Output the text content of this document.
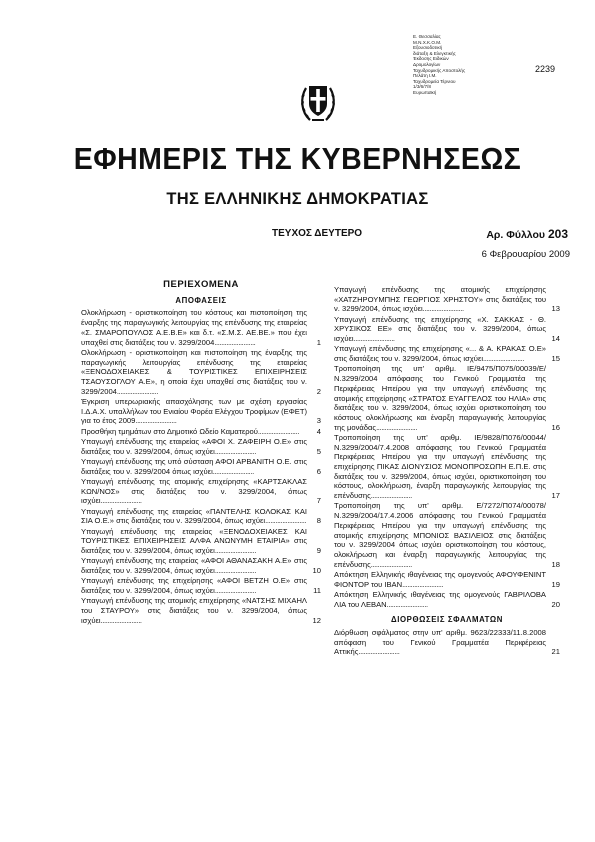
Ε. Θεσσαλίας
Μ.Ν.Χ.Κ.Ο.Μ.
Εξουσιοδοτική
διάταξη & Ελεγκτικής
Έκδοσης Ειδικών
Δρομολογίων
Ταχυδρομικής Αποστολής
Πελάτη Ι.Μ.
Ταχυδρομεία Τέρνιου 1/3/6/7/8
Ευρωπαϊκή
2239
ΕΦΗΜΕΡΙΣ ΤΗΣ ΚΥΒΕΡΝΗΣΕΩΣ
ΤΗΣ ΕΛΛΗΝΙΚΗΣ ΔΗΜΟΚΡΑΤΙΑΣ
ΤΕΥΧΟΣ ΔΕΥΤΕΡΟ	Αρ. Φύλλου 203
6 Φεβρουαρίου 2009
ΠΕΡΙΕΧΟΜΕΝΑ
ΑΠΟΦΑΣΕΙΣ
Ολοκλήρωση - οριστικοποίηση του κόστους και πιστοποίηση της έναρξης της παραγωγικής λειτουργίας της επένδυσης της εταιρείας «Σ. ΣΜΑΡΟΠΟΥΛΟΣ Α.Ε.Β.Ε» και δ.τ. «Σ.Μ.Σ. ΑΕ.ΒΕ.» που έχει υπαχθεί στις διατάξεις του ν. 3299/2004........................	1
Ολοκλήρωση - οριστικοποίηση και πιστοποίηση της έναρξης της παραγωγικής λειτουργίας επένδυσης της εταιρείας «ΞΕΝΟΔΟΧΕΙΑΚΕΣ & ΤΟΥΡΙΣΤΙΚΕΣ ΕΠΙΧΕΙΡΗΣΕΙΣ ΤΣΑΟΥΣΟΓΛΟΥ Α.Ε», η οποία έχει υπαχθεί στις διατάξεις του ν. 3299/2004........................	2
Έγκριση υπερωριακής απασχόλησης των με σχέση εργασίας Ι.Δ.Α.Χ. υπαλλήλων του Ενιαίου Φορέα Ελέγχου Τροφίμων (ΕΦΕΤ) για το έτος 2009........................	3
Προσθήκη τμημάτων στο Δημοτικό Ωδείο Καματερού........................ 4
Υπαγωγή επένδυσης της εταιρείας «ΑΦΟΙ Χ. ΖΑΦΕΙΡΗ Ο.Ε» στις διατάξεις του ν. 3299/2004, όπως ισχύει........................	5
Υπαγωγή επένδυσης της υπό σύσταση ΑΦΟΙ ΑΡΒΑΝΙΤΗ Ο.Ε. στις διατάξεις του ν. 3299/2004 όπως ισχύει........................	6
Υπαγωγή επένδυσης της ατομικής επιχείρησης «ΚΑΡΤΣΑΚΛΑΣ ΚΩΝ/ΝΟΣ» στις διατάξεις του ν. 3299/2004, όπως ισχύει........................	7
Υπαγωγή επένδυσης της εταιρείας «ΠΑΝΤΕΛΗΣ ΚΟΛΟΚΑΣ ΚΑΙ ΣΙΑ Ο.Ε.» στις διατάξεις του ν. 3299/2004, όπως ισχύει........................ 8
Υπαγωγή επένδυσης της εταιρείας «ΞΕΝΟΔΟΧΕΙΑΚΕΣ ΚΑΙ ΤΟΥΡΙΣΤΙΚΕΣ ΕΠΙΧΕΙΡΗΣΕΙΣ ΑΛΦΑ ΑΝΩΝΥΜΗ ΕΤΑΙΡΙΑ» στις διατάξεις του ν. 3299/2004, όπως ισχύει........................	9
Υπαγωγή επένδυσης της εταιρείας «ΑΦΟΙ ΑΘΑΝΑΣΑΚΗ Α.Ε» στις διατάξεις του ν. 3299/2004, όπως ισχύει........................	10
Υπαγωγή επένδυσης της επιχείρησης «ΑΦΟΙ ΒΕΤΖΗ Ο.Ε» στις διατάξεις του ν. 3299/2004, όπως ισχύει........................	11
Υπαγωγή επένδυσης της ατομικής επιχείρησης «ΝΑΤΣΗΣ ΜΙΧΑΗΛ του ΣΤΑΥΡΟΥ» στις διατάξεις του ν. 3299/2004, όπως ισχύει........................	12
Υπαγωγή επένδυσης της ατομικής επιχείρησης «ΧΑΤΖΗΡΟΥΜΠΗΣ ΓΕΩΡΓΙΟΣ ΧΡΗΣΤΟΥ» στις διατάξεις του ν. 3299/2004, όπως ισχύει........................	13
Υπαγωγή επένδυσης της επιχείρησης «Χ. ΣΑΚΚΑΣ - Θ. ΧΡΥΣΙΚΟΣ ΕΕ» στις διατάξεις του ν. 3299/2004, όπως ισχύει........................	14
Υπαγωγή επένδυσης της επιχείρησης «... & Α. ΚΡΑΚΑΣ Ο.Ε» στις διατάξεις του ν. 3299/2004, όπως ισχύει........................	15
Τροποποίηση της υπ' αριθμ. ΙΕ/9475/Π075/00039/Ε/Ν.3299/2004 απόφασης του Γενικού Γραμματέα της Περιφέρειας Ηπείρου για την υπαγωγή επένδυσης της ατομικής επιχείρησης «ΣΤΡΑΤΟΣ ΕΥΑΓΓΕΛΟΣ του ΗΛΙΑ» στις διατάξεις του ν. 3299/2004, όπως ισχύει οριστικοποίηση του κόστους ολοκλήρωσης και έναρξη παραγωγικής λειτουργίας της μονάδας........................	16
Τροποποίηση της υπ' αριθμ. ΙΕ/9828/Π076/00044/Ν.3299/2004/7.4.2008 απόφασης του Γενικού Γραμματέα Περιφέρειας Ηπείρου για την υπαγωγή επένδυσης της επιχείρησης ΠΙΚΑΣ ΔΙΟΝΥΣΙΟΣ ΜΟΝΟΠΡΟΣΩΠΗ Ε.Π.Ε. στις διατάξεις του ν. 3299/2004, όπως ισχύει, οριστικοποίηση του κόστους, ολοκλήρωση, έναρξη παραγωγικής λειτουργίας της επένδυσης........................	17
Τροποποίηση της υπ' αριθμ. Ε/7272/Π074/00078/Ν.3299/2004/17.4.2006 απόφασης του Γενικού Γραμματέα Περιφέρειας Ηπείρου για την υπαγωγή επένδυσης της ατομικής επιχείρησης ΜΠΟΝΙΟΣ ΒΑΣΙΛΕΙΟΣ στις διατάξεις του ν. 3299/2004 όπως ισχύει οριστικοποίηση του κόστους, ολοκλήρωση και έναρξη παραγωγικής λειτουργίας της επένδυσης........................	18
Απόκτηση Ελληνικής ιθαγένειας της ομογενούς ΑΦΟΥΦΕΝΙΝΤ ΦΙΟΝΤΟΡ του ΙΒΑΝ........................	19
Απόκτηση Ελληνικής ιθαγένειας της ομογενούς ΓΑΒΡΙΛΟΒΑ ΛΙΑ του ΛΕΒΑΝ........................	20
ΔΙΟΡΘΩΣΕΙΣ ΣΦΑΛΜΑΤΩΝ
Διόρθωση σφάλματος στην υπ' αριθμ. 9623/22333/11.8.2008 απόφαση του Γενικού Γραμματέα Περιφέρειας Αττικής........................	21
